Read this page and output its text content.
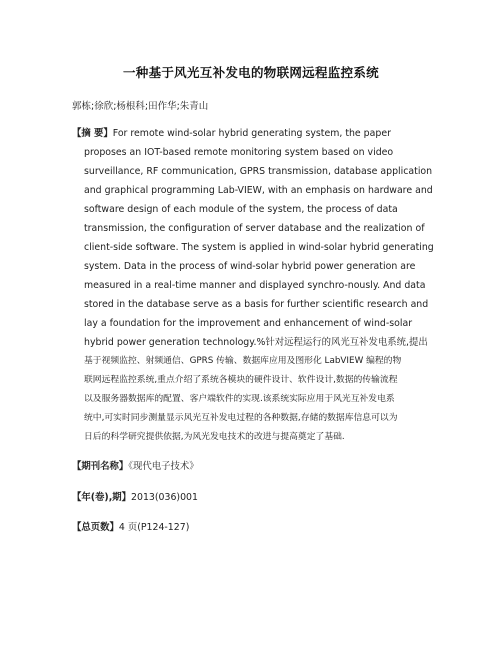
一种基于风光互补发电的物联网远程监控系统
郭栋;徐欣;杨根科;田作华;朱青山
【摘 要】For remote wind-solar hybrid generating system, the paper
proposes an IOT-based remote monitoring system based on video
surveillance, RF communication, GPRS transmission, database application
and graphical programming Lab-VIEW, with an emphasis on hardware and
software design of each module of the system, the process of data
transmission, the configuration of server database and the realization of
client-side software. The system is applied in wind-solar hybrid generating
system. Data in the process of wind-solar hybrid power generation are
measured in a real-time manner and displayed synchro-nously. And data
stored in the database serve as a basis for further scientific research and
lay a foundation for the improvement and enhancement of wind-solar
hybrid power generation technology.%针对远程运行的风光互补发电系统,提出
基于视频监控、射频通信、GPRS 传输、数据库应用及图形化 LabVIEW 编程的物
联网远程监控系统,重点介绍了系统各模块的硬件设计、软件设计,数据的传输流程
以及服务器数据库的配置、客户端软件的实现.该系统实际应用于风光互补发电系
统中,可实时同步测量显示风光互补发电过程的各种数据,存储的数据库信息可以为
日后的科学研究提供依据,为风光发电技术的改进与提高奠定了基础.
【期刊名称】《现代电子技术》
【年(卷),期】2013(036)001
【总页数】4 页(P124-127)
